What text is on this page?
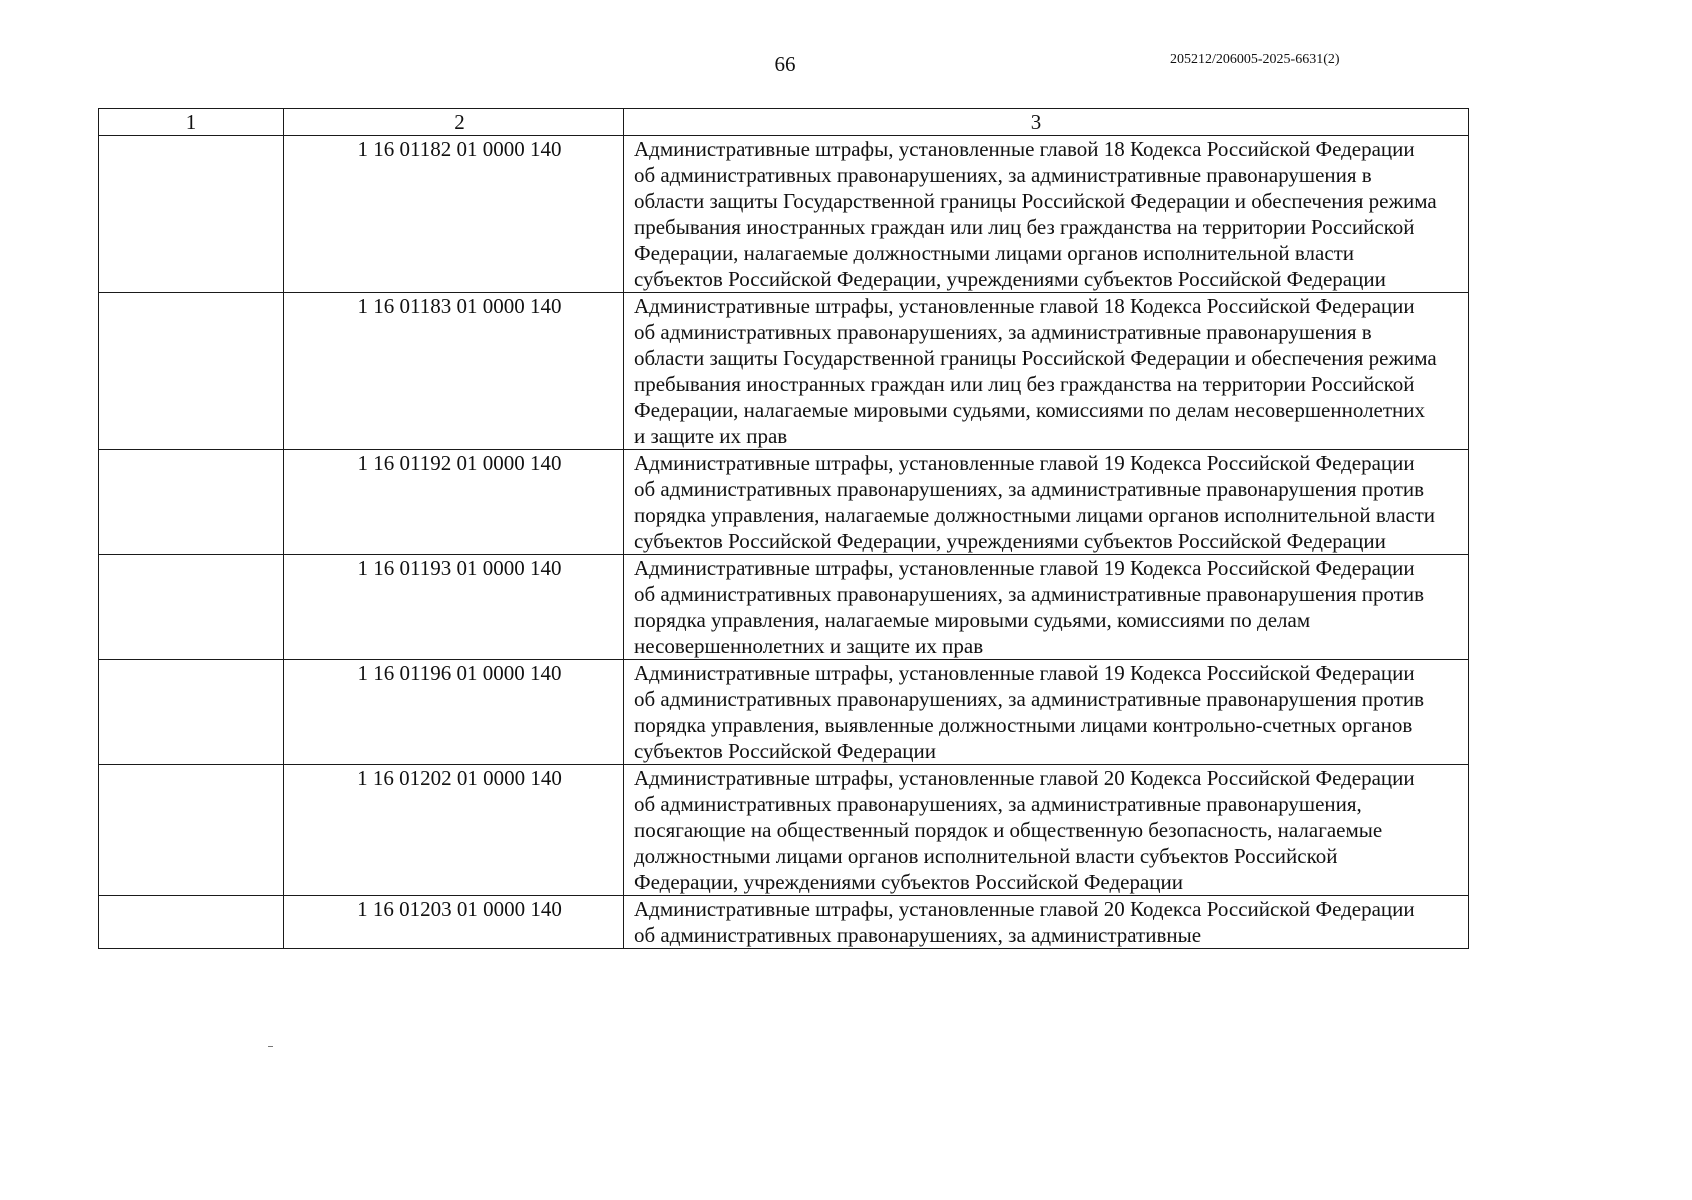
66	205212/206005-2025-6631(2)
1	2	3
	1 16 01182 01 0000 140	Административные штрафы, установленные главой 18 Кодекса Российской Федерации об административных правонарушениях, за административные правонарушения в области защиты Государственной границы Российской Федерации и обеспечения режима пребывания иностранных граждан или лиц без гражданства на территории Российской Федерации, налагаемые должностными лицами органов исполнительной власти субъектов Российской Федерации, учреждениями субъектов Российской Федерации
	1 16 01183 01 0000 140	Административные штрафы, установленные главой 18 Кодекса Российской Федерации об административных правонарушениях, за административные правонарушения в области защиты Государственной границы Российской Федерации и обеспечения режима пребывания иностранных граждан или лиц без гражданства на территории Российской Федерации, налагаемые мировыми судьями, комиссиями по делам несовершеннолетних и защите их прав
	1 16 01192 01 0000 140	Административные штрафы, установленные главой 19 Кодекса Российской Федерации об административных правонарушениях, за административные правонарушения против порядка управления, налагаемые должностными лицами органов исполнительной власти субъектов Российской Федерации, учреждениями субъектов Российской Федерации
	1 16 01193 01 0000 140	Административные штрафы, установленные главой 19 Кодекса Российской Федерации об административных правонарушениях, за административные правонарушения против порядка управления, налагаемые мировыми судьями, комиссиями по делам несовершеннолетних и защите их прав
	1 16 01196 01 0000 140	Административные штрафы, установленные главой 19 Кодекса Российской Федерации об административных правонарушениях, за административные правонарушения против порядка управления, выявленные должностными лицами контрольно-счетных органов субъектов Российской Федерации
	1 16 01202 01 0000 140	Административные штрафы, установленные главой 20 Кодекса Российской Федерации об административных правонарушениях, за административные правонарушения, посягающие на общественный порядок и общественную безопасность, налагаемые должностными лицами органов исполнительной власти субъектов Российской Федерации, учреждениями субъектов Российской Федерации
	1 16 01203 01 0000 140	Административные штрафы, установленные главой 20 Кодекса Российской Федерации об административных правонарушениях, за административные
